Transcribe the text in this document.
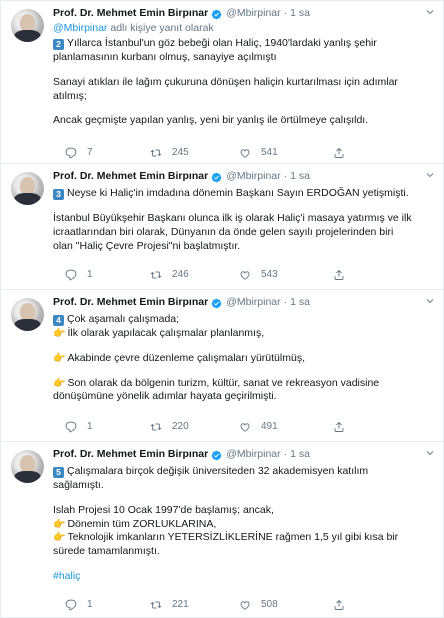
Prof. Dr. Mehmet Emin Birpınar @Mbirpinar · 1 sa
@Mbirpinar adlı kişiye yanıt olarak
2 Yıllarca İstanbul'un göz bebeği olan Haliç, 1940'lardaki yanlış şehir
planlamasının kurbanı olmuş, sanayiye açılmıştı
Sanayi atıkları ile lağım çukuruna dönüşen haliçin kurtarılması için adımlar
atılmış;
Ancak geçmişte yapılan yanlış, yeni bir yanlış ile örtülmeye çalışıldı.
7	245	541
Prof. Dr. Mehmet Emin Birpınar @Mbirpinar · 1 sa
3 Neyse ki Haliç'in imdadına dönemin Başkanı Sayın ERDOĞAN yetişmişti.
İstanbul Büyükşehir Başkanı olunca ilk iş olarak Haliç'i masaya yatırmış ve ilk
icraatlarından biri olarak, Dünyanın da önde gelen sayılı projelerinden biri
olan "Haliç Çevre Projesi"ni başlatmıştır.
1	246	543
Prof. Dr. Mehmet Emin Birpınar @Mbirpinar · 1 sa
4 Çok aşamalı çalışmada;
👉 İlk olarak yapılacak çalışmalar planlanmış,
👉 Akabinde çevre düzenleme çalışmaları yürütülmüş,
👉 Son olarak da bölgenin turizm, kültür, sanat ve rekreasyon vadisine
dönüşümüne yönelik adımlar hayata geçirilmişti.
1	220	491
Prof. Dr. Mehmet Emin Birpınar @Mbirpinar · 1 sa
5 Çalışmalara birçok değişik üniversiteden 32 akademisyen katılım
sağlamıştı.
Islah Projesi 10 Ocak 1997'de başlamış; ancak,
👉 Dönemin tüm ZORLUKLARINA,
👉 Teknolojik imkanların YETERSİZLİKLERİNE rağmen 1,5 yıl gibi kısa bir
sürede tamamlanmıştı.
#haliç
1	221	508
